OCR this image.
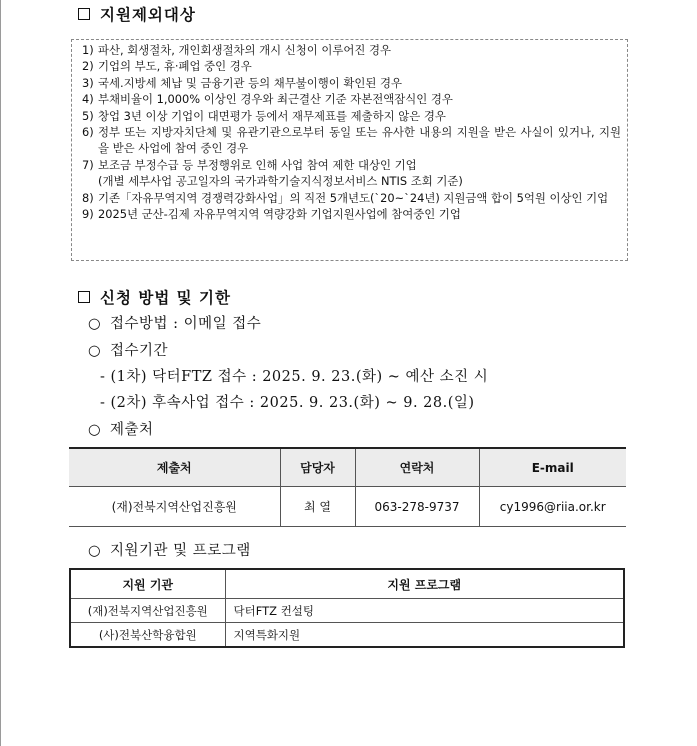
지원제외대상
1) 파산, 회생절차, 개인회생절차의 개시 신청이 이루어진 경우
2) 기업의 부도, 휴·폐업 중인 경우
3) 국세.지방세 체납 및 금융기관 등의 채무불이행이 확인된 경우
4) 부채비율이 1,000% 이상인 경우와 최근결산 기준 자본전액잠식인 경우
5) 창업 3년 이상 기업이 대면평가 등에서 재무제표를 제출하지 않은 경우
6) 정부 또는 지방자치단체 및 유관기관으로부터 동일 또는 유사한 내용의 지원을 받은 사실이 있거나, 지원을 받은 사업에 참여 중인 경우
7) 보조금 부정수급 등 부정행위로 인해 사업 참여 제한 대상인 기업
(개별 세부사업 공고일자의 국가과학기술지식정보서비스 NTIS 조회 기준)
8) 기존「자유무역지역 경쟁력강화사업」의 직전 5개년도(`20~`24년) 지원금액 합이 5억원 이상인 기업
9) 2025년 군산-김제 자유무역지역 역량강화 기업지원사업에 참여중인 기업
신청 방법 및 기한
○ 접수방법 : 이메일 접수
○ 접수기간
- (1차) 닥터FTZ 접수 : 2025. 9. 23.(화) ~ 예산 소진 시
- (2차) 후속사업 접수 : 2025. 9. 23.(화) ~ 9. 28.(일)
○ 제출처
제출처	담당자	연락처	E-mail
(재)전북지역산업진흥원	최 열	063-278-9737	cy1996@riia.or.kr
○ 지원기관 및 프로그램
지원 기관	지원 프로그램
(재)전북지역산업진흥원	닥터FTZ 컨설팅
(사)전북산학융합원	지역특화지원
